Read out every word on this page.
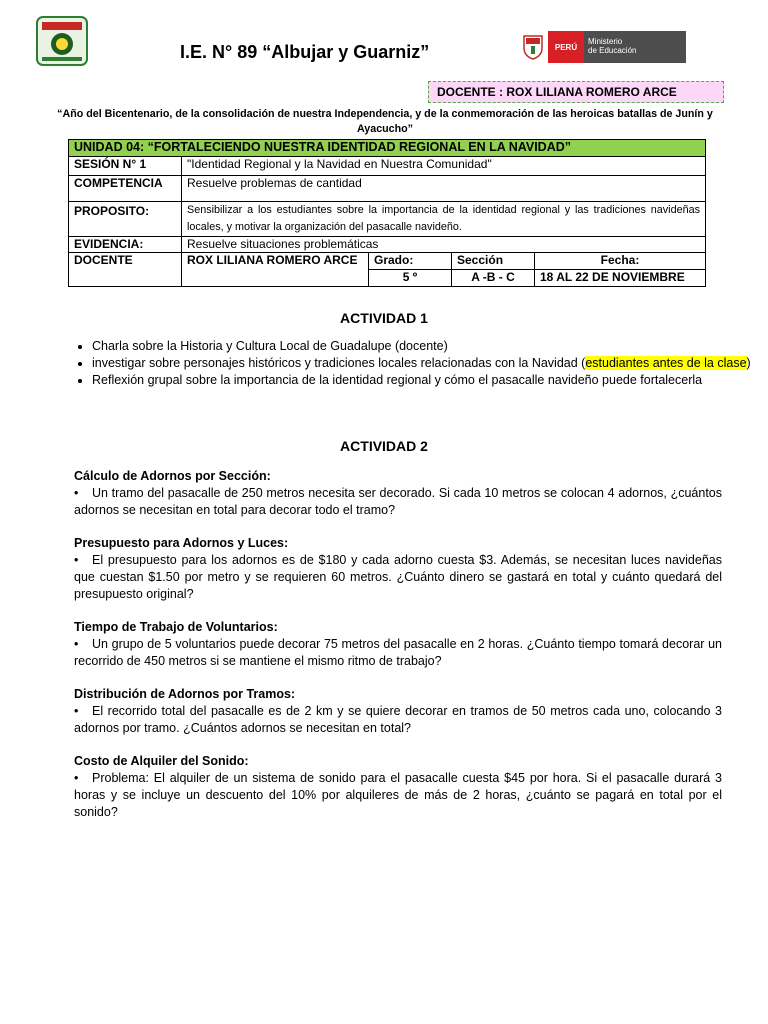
I.E. N° 89 “Albujar y Guarniz”	PERÚ
Ministerio
de Educación
DOCENTE : ROX LILIANA ROMERO ARCE
“Año del Bicentenario, de la consolidación de nuestra Independencia, y de la conmemoración de las heroicas batallas de Junín y Ayacucho”
UNIDAD 04: “FORTALECIENDO NUESTRA IDENTIDAD REGIONAL EN LA NAVIDAD”				
SESIÓN N° 1	"Identidad Regional y la Navidad en Nuestra Comunidad"			
COMPETENCIA	Resuelve problemas de cantidad			
PROPOSITO:	Sensibilizar a los estudiantes sobre la importancia de la identidad regional y las tradiciones navideñas locales, y motivar la organización del pasacalle navideño.			
EVIDENCIA:	Resuelve situaciones problemáticas			
DOCENTE	ROX LILIANA ROMERO ARCE	Grado:	Sección	Fecha:
		5 º	A -B - C	18 AL 22 DE NOVIEMBRE
ACTIVIDAD 1
• Charla sobre la Historia y Cultura Local de Guadalupe (docente)
• investigar sobre personajes históricos y tradiciones locales relacionadas con la Navidad (estudiantes antes de la clase)
• Reflexión grupal sobre la importancia de la identidad regional y cómo el pasacalle navideño puede fortalecerla
ACTIVIDAD 2
Cálculo de Adornos por Sección:
• Un tramo del pasacalle de 250 metros necesita ser decorado. Si cada 10 metros se colocan 4 adornos, ¿cuántos adornos se necesitan en total para decorar todo el tramo?
Presupuesto para Adornos y Luces:
• El presupuesto para los adornos es de $180 y cada adorno cuesta $3. Además, se necesitan luces navideñas que cuestan $1.50 por metro y se requieren 60 metros. ¿Cuánto dinero se gastará en total y cuánto quedará del presupuesto original?
Tiempo de Trabajo de Voluntarios:
• Un grupo de 5 voluntarios puede decorar 75 metros del pasacalle en 2 horas. ¿Cuánto tiempo tomará decorar un recorrido de 450 metros si se mantiene el mismo ritmo de trabajo?
Distribución de Adornos por Tramos:
• El recorrido total del pasacalle es de 2 km y se quiere decorar en tramos de 50 metros cada uno, colocando 3 adornos por tramo. ¿Cuántos adornos se necesitan en total?
Costo de Alquiler del Sonido:
• Problema: El alquiler de un sistema de sonido para el pasacalle cuesta $45 por hora. Si el pasacalle durará 3 horas y se incluye un descuento del 10% por alquileres de más de 2 horas, ¿cuánto se pagará en total por el sonido?
